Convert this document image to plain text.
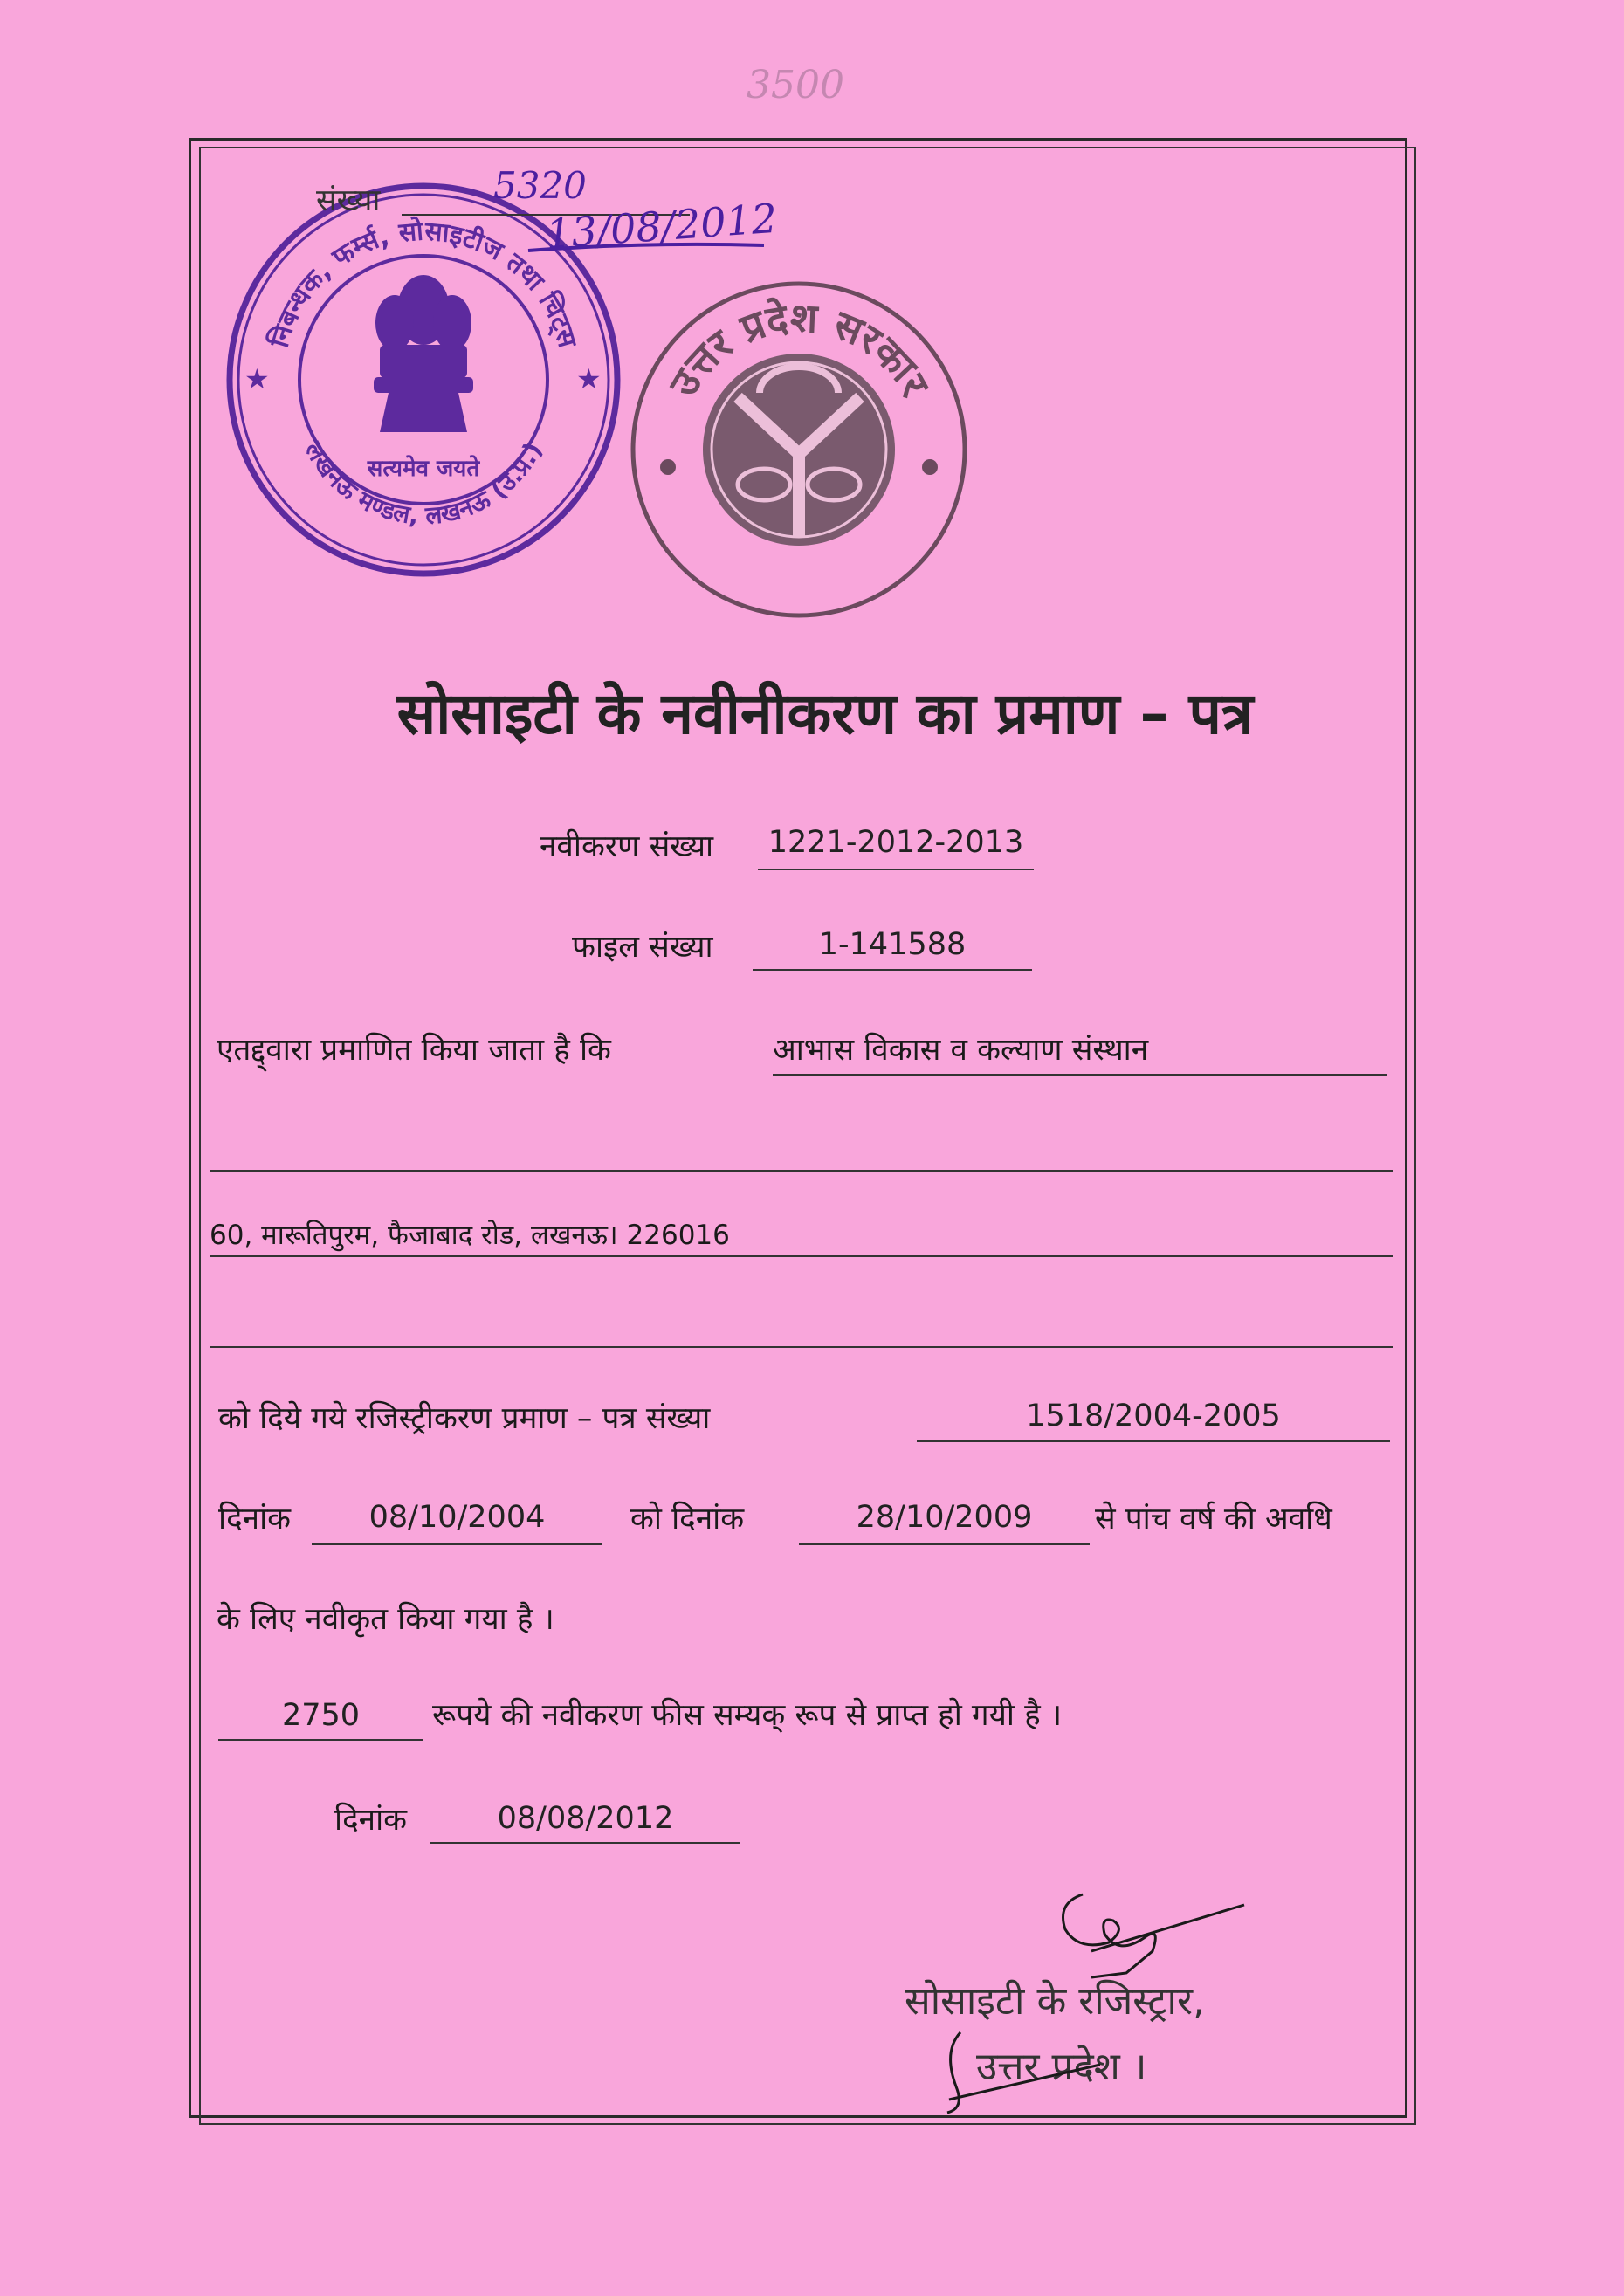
3500
निबन्धक, फर्म्स, सोसाइटीज तथा चिट्स
लखनऊ मण्डल, लखनऊ (उ.प्र.)
★	★
सत्यमेव जयते
संख्या	5320
13/08/2012
उत्तर प्रदेश सरकार
सोसाइटी के नवीनीकरण का प्रमाण – पत्र
नवीकरण संख्या	1221-2012-2013
फाइल संख्या	1-141588
एतद्द्वारा प्रमाणित किया जाता है कि	आभास विकास व कल्याण संस्थान
60, मारूतिपुरम, फैजाबाद रोड, लखनऊ। 226016
को दिये गये रजिस्ट्रीकरण प्रमाण – पत्र संख्या	1518/2004-2005
दिनांक	08/10/2004	को दिनांक	28/10/2009	से पांच वर्ष की अवधि
के लिए नवीकृत किया गया है ।
2750	रूपये की नवीकरण फीस सम्यक् रूप से प्राप्त हो गयी है ।
दिनांक	08/08/2012
सोसाइटी के रजिस्ट्रार,
उत्तर प्रदेश ।
